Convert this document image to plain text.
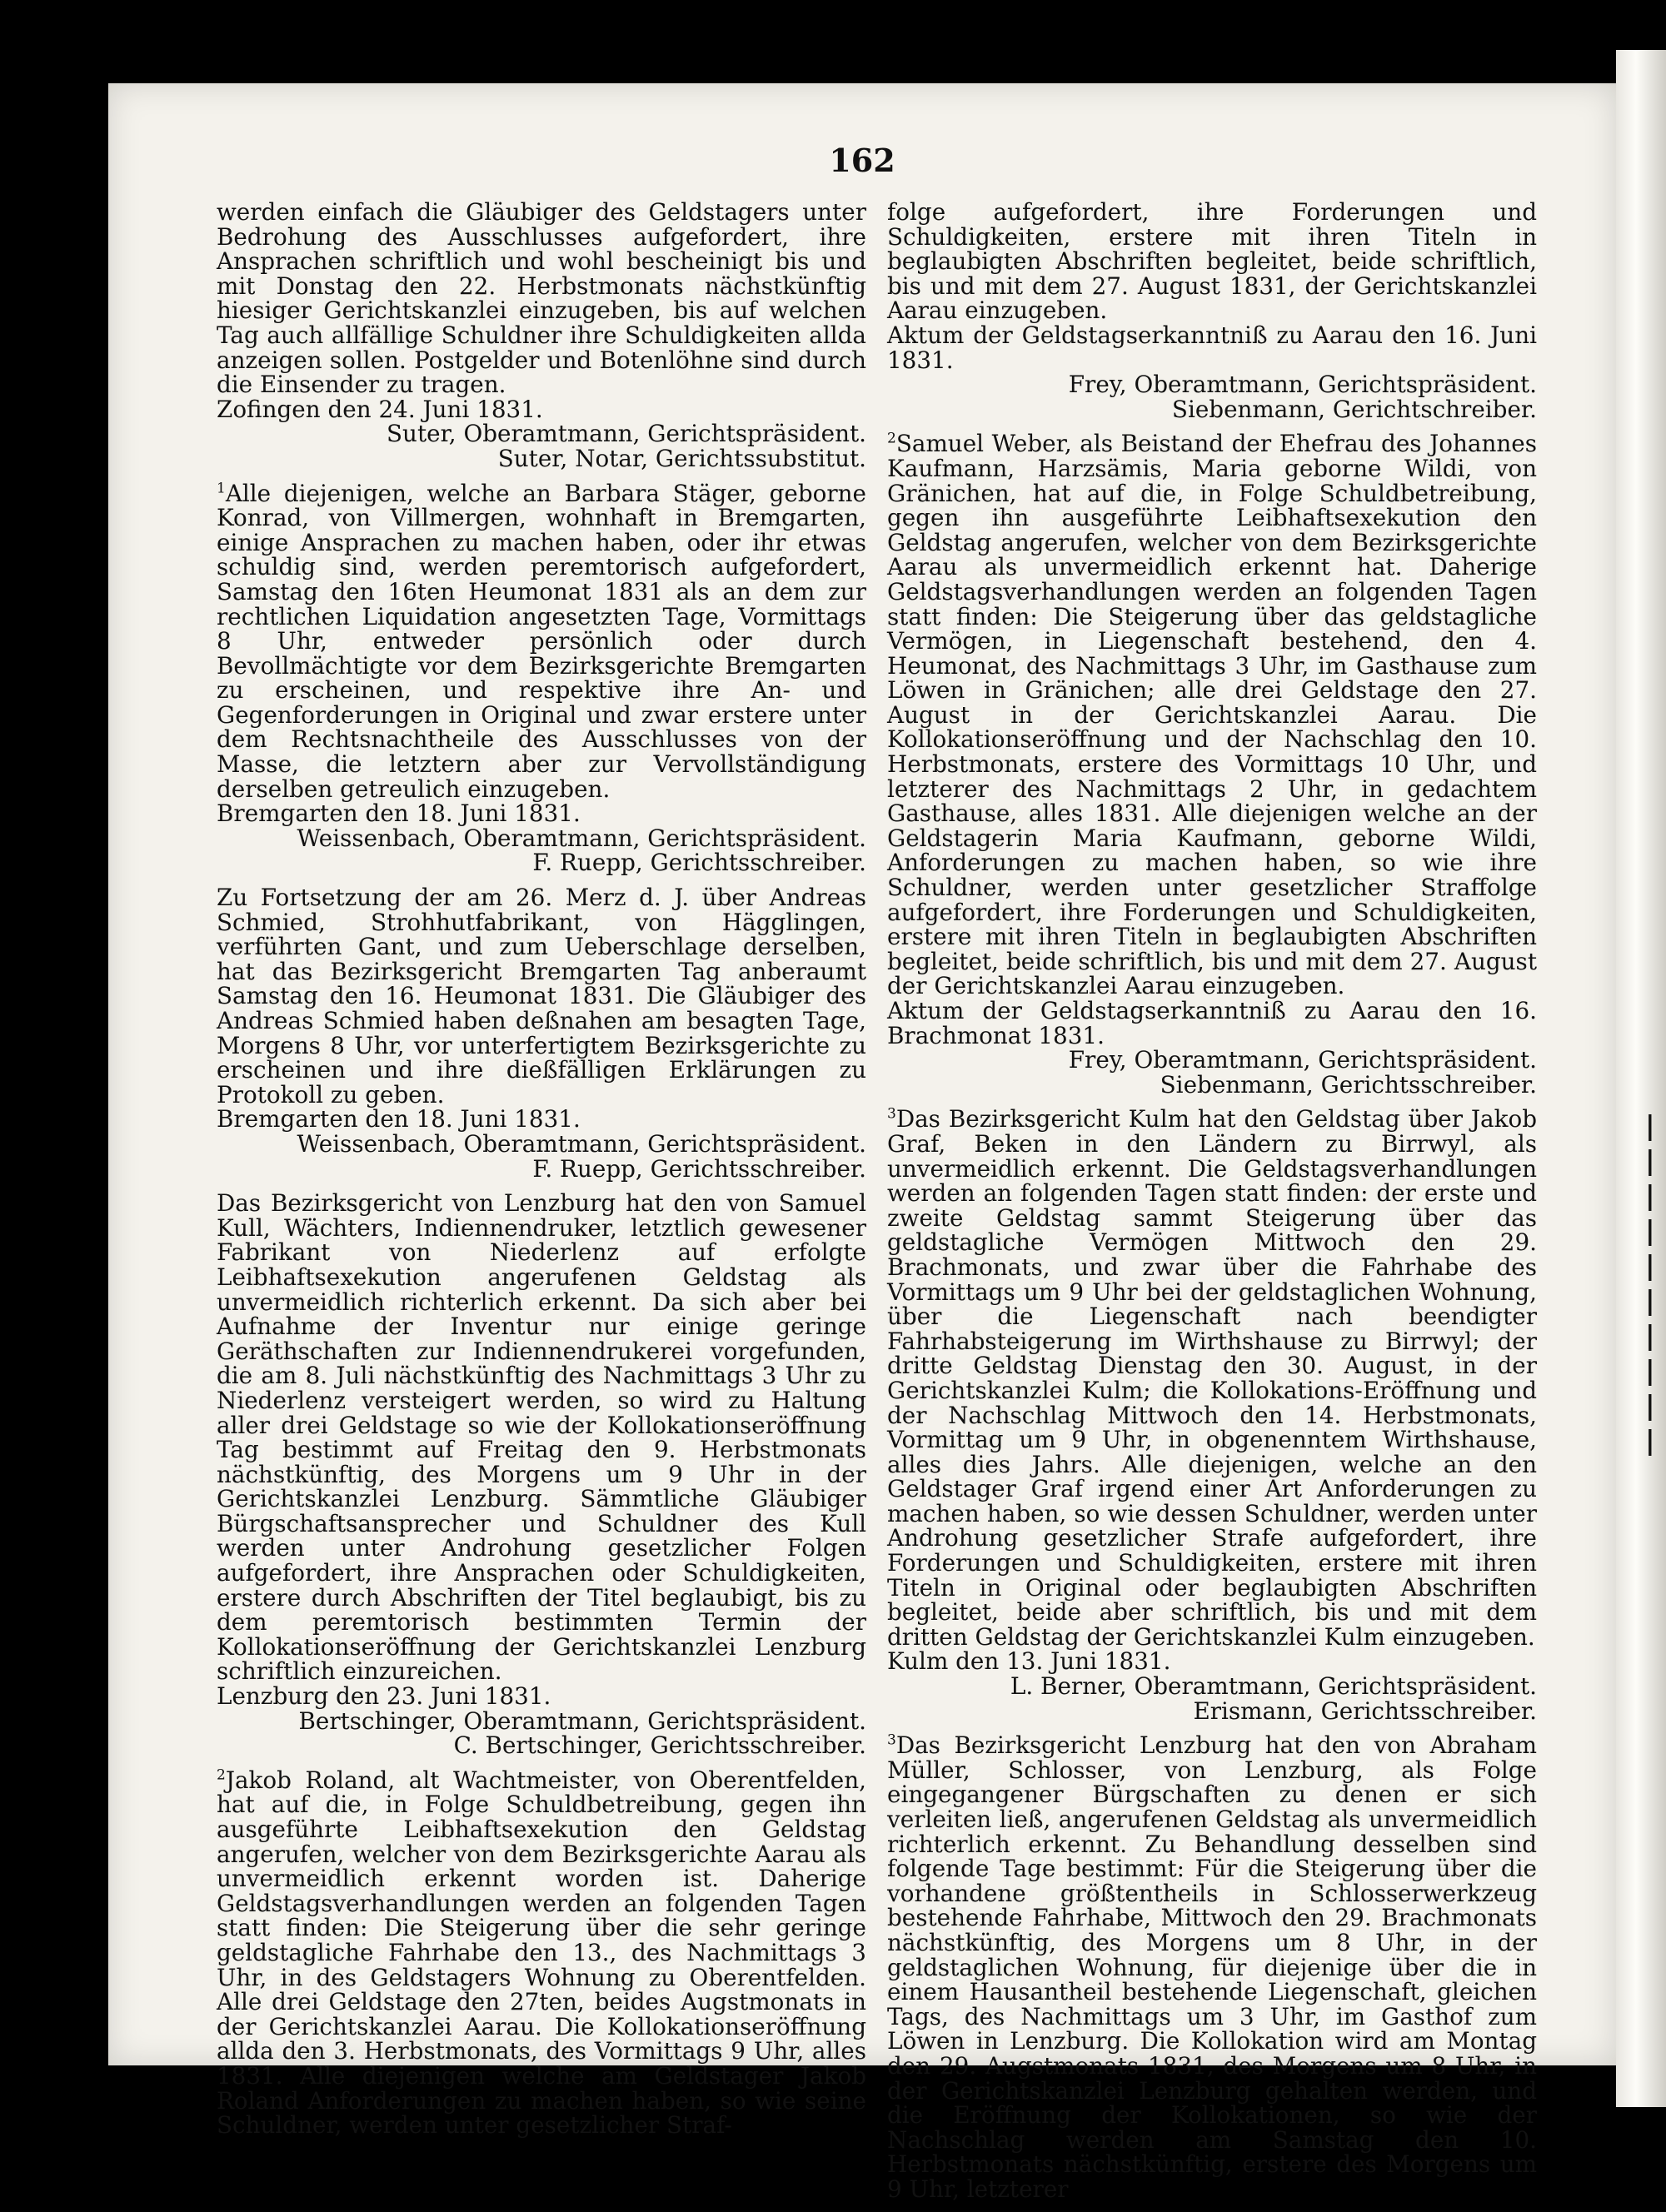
|
|
|
|
|
|
|
|
|
|
162

werden einfach die Gläubiger des Geldstagers unter Bedrohung des Ausschlusses aufgefordert, ihre Ansprachen schriftlich und wohl bescheinigt bis und mit Donstag den 22. Herbstmonats nächstkünftig hiesiger Gerichtskanzlei einzugeben, bis auf welchen Tag auch allfällige Schuldner ihre Schuldigkeiten allda anzeigen sollen. Postgelder und Botenlöhne sind durch die Einsender zu tragen.

Zofingen den 24. Juni 1831.

Suter, Oberamtmann, Gerichtspräsident.

Suter, Notar, Gerichtssubstitut.

$^1$Alle diejenigen, welche an Barbara Stäger, geborne Konrad, von Villmergen, wohnhaft in Bremgarten, einige Ansprachen zu machen haben, oder ihr etwas schuldig sind, werden peremtorisch aufgefordert, Samstag den 16ten Heumonat 1831 als an dem zur rechtlichen Liquidation angesetzten Tage, Vormittags 8 Uhr, entweder persönlich oder durch Bevollmächtigte vor dem Bezirksgerichte Bremgarten zu erscheinen, und respektive ihre An- und Gegenforderungen in Original und zwar erstere unter dem Rechtsnachtheile des Ausschlusses von der Masse, die letztern aber zur Vervollständigung derselben getreulich einzugeben.

Bremgarten den 18. Juni 1831.

Weissenbach, Oberamtmann, Gerichtspräsident.

F. Ruepp, Gerichtsschreiber.

Zu Fortsetzung der am 26. Merz d. J. über Andreas Schmied, Strohhutfabrikant, von Hägglingen, verführten Gant, und zum Ueberschlage derselben, hat das Bezirksgericht Bremgarten Tag anberaumt Samstag den 16. Heumonat 1831. Die Gläubiger des Andreas Schmied haben deßnahen am besagten Tage, Morgens 8 Uhr, vor unterfertigtem Bezirksgerichte zu erscheinen und ihre dießfälligen Erklärungen zu Protokoll zu geben.

Bremgarten den 18. Juni 1831.

Weissenbach, Oberamtmann, Gerichtspräsident.

F. Ruepp, Gerichtsschreiber.

Das Bezirksgericht von Lenzburg hat den von Samuel Kull, Wächters, Indiennendruker, letztlich gewesener Fabrikant von Niederlenz auf erfolgte Leibhaftsexekution angerufenen Geldstag als unvermeidlich richterlich erkennt. Da sich aber bei Aufnahme der Inventur nur einige geringe Geräthschaften zur Indiennendrukerei vorgefunden, die am 8. Juli nächstkünftig des Nachmittags 3 Uhr zu Niederlenz versteigert werden, so wird zu Haltung aller drei Geldstage so wie der Kollokationseröffnung Tag bestimmt auf Freitag den 9. Herbstmonats nächstkünftig, des Morgens um 9 Uhr in der Gerichtskanzlei Lenzburg. Sämmtliche Gläubiger Bürgschaftsansprecher und Schuldner des Kull werden unter Androhung gesetzlicher Folgen aufgefordert, ihre Ansprachen oder Schuldigkeiten, erstere durch Abschriften der Titel beglaubigt, bis zu dem peremtorisch bestimmten Termin der Kollokationseröffnung der Gerichtskanzlei Lenzburg schriftlich einzureichen.

Lenzburg den 23. Juni 1831.

Bertschinger, Oberamtmann, Gerichtspräsident.

C. Bertschinger, Gerichtsschreiber.

$^2$Jakob Roland, alt Wachtmeister, von Oberentfelden, hat auf die, in Folge Schuldbetreibung, gegen ihn ausgeführte Leibhaftsexekution den Geldstag angerufen, welcher von dem Bezirksgerichte Aarau als unvermeidlich erkennt worden ist. Daherige Geldstagsverhandlungen werden an folgenden Tagen statt finden: Die Steigerung über die sehr geringe geldstagliche Fahrhabe den 13., des Nachmittags 3 Uhr, in des Geldstagers Wohnung zu Oberentfelden. Alle drei Geldstage den 27ten, beides Augstmonats in der Gerichtskanzlei Aarau. Die Kollokationseröffnung allda den 3. Herbstmonats, des Vormittags 9 Uhr, alles 1831. Alle diejenigen welche am Geldstager Jakob Roland Anforderungen zu machen haben, so wie seine Schuldner, werden unter gesetzlicher Straf-

folge aufgefordert, ihre Forderungen und Schuldigkeiten, erstere mit ihren Titeln in beglaubigten Abschriften begleitet, beide schriftlich, bis und mit dem 27. August 1831, der Gerichtskanzlei Aarau einzugeben.

Aktum der Geldstagserkanntniß zu Aarau den 16. Juni 1831.

Frey, Oberamtmann, Gerichtspräsident.

Siebenmann, Gerichtschreiber.

$^2$Samuel Weber, als Beistand der Ehefrau des Johannes Kaufmann, Harzsämis, Maria geborne Wildi, von Gränichen, hat auf die, in Folge Schuldbetreibung, gegen ihn ausgeführte Leibhaftsexekution den Geldstag angerufen, welcher von dem Bezirksgerichte Aarau als unvermeidlich erkennt hat. Daherige Geldstagsverhandlungen werden an folgenden Tagen statt finden: Die Steigerung über das geldstagliche Vermögen, in Liegenschaft bestehend, den 4. Heumonat, des Nachmittags 3 Uhr, im Gasthause zum Löwen in Gränichen; alle drei Geldstage den 27. August in der Gerichtskanzlei Aarau. Die Kollokationseröffnung und der Nachschlag den 10. Herbstmonats, erstere des Vormittags 10 Uhr, und letzterer des Nachmittags 2 Uhr, in gedachtem Gasthause, alles 1831. Alle diejenigen welche an der Geldstagerin Maria Kaufmann, geborne Wildi, Anforderungen zu machen haben, so wie ihre Schuldner, werden unter gesetzlicher Straffolge aufgefordert, ihre Forderungen und Schuldigkeiten, erstere mit ihren Titeln in beglaubigten Abschriften begleitet, beide schriftlich, bis und mit dem 27. August der Gerichtskanzlei Aarau einzugeben.

Aktum der Geldstagserkanntniß zu Aarau den 16. Brachmonat 1831.

Frey, Oberamtmann, Gerichtspräsident.

Siebenmann, Gerichtsschreiber.

$^3$Das Bezirksgericht Kulm hat den Geldstag über Jakob Graf, Beken in den Ländern zu Birrwyl, als unvermeidlich erkennt. Die Geldstagsverhandlungen werden an folgenden Tagen statt finden: der erste und zweite Geldstag sammt Steigerung über das geldstagliche Vermögen Mittwoch den 29. Brachmonats, und zwar über die Fahrhabe des Vormittags um 9 Uhr bei der geldstaglichen Wohnung, über die Liegenschaft nach beendigter Fahrhabsteigerung im Wirthshause zu Birrwyl; der dritte Geldstag Dienstag den 30. August, in der Gerichtskanzlei Kulm; die Kollokations-Eröffnung und der Nachschlag Mittwoch den 14. Herbstmonats, Vormittag um 9 Uhr, in obgenenntem Wirthshause, alles dies Jahrs. Alle diejenigen, welche an den Geldstager Graf irgend einer Art Anforderungen zu machen haben, so wie dessen Schuldner, werden unter Androhung gesetzlicher Strafe aufgefordert, ihre Forderungen und Schuldigkeiten, erstere mit ihren Titeln in Original oder beglaubigten Abschriften begleitet, beide aber schriftlich, bis und mit dem dritten Geldstag der Gerichtskanzlei Kulm einzugeben.

Kulm den 13. Juni 1831.

L. Berner, Oberamtmann, Gerichtspräsident.

Erismann, Gerichtsschreiber.

$^3$Das Bezirksgericht Lenzburg hat den von Abraham Müller, Schlosser, von Lenzburg, als Folge eingegangener Bürgschaften zu denen er sich verleiten ließ, angerufenen Geldstag als unvermeidlich richterlich erkennt. Zu Behandlung desselben sind folgende Tage bestimmt: Für die Steigerung über die vorhandene größtentheils in Schlosserwerkzeug bestehende Fahrhabe, Mittwoch den 29. Brachmonats nächstkünftig, des Morgens um 8 Uhr, in der geldstaglichen Wohnung, für diejenige über die in einem Hausantheil bestehende Liegenschaft, gleichen Tags, des Nachmittags um 3 Uhr, im Gasthof zum Löwen in Lenzburg. Die Kollokation wird am Montag den 29. Augstmonats 1831, des Morgens um 8 Uhr, in der Gerichtskanzlei Lenzburg gehalten werden, und die Eröffnung der Kollokationen, so wie der Nachschlag werden am Samstag den 10. Herbstmonats nächstkünftig, erstere des Morgens um 9 Uhr, letzterer
